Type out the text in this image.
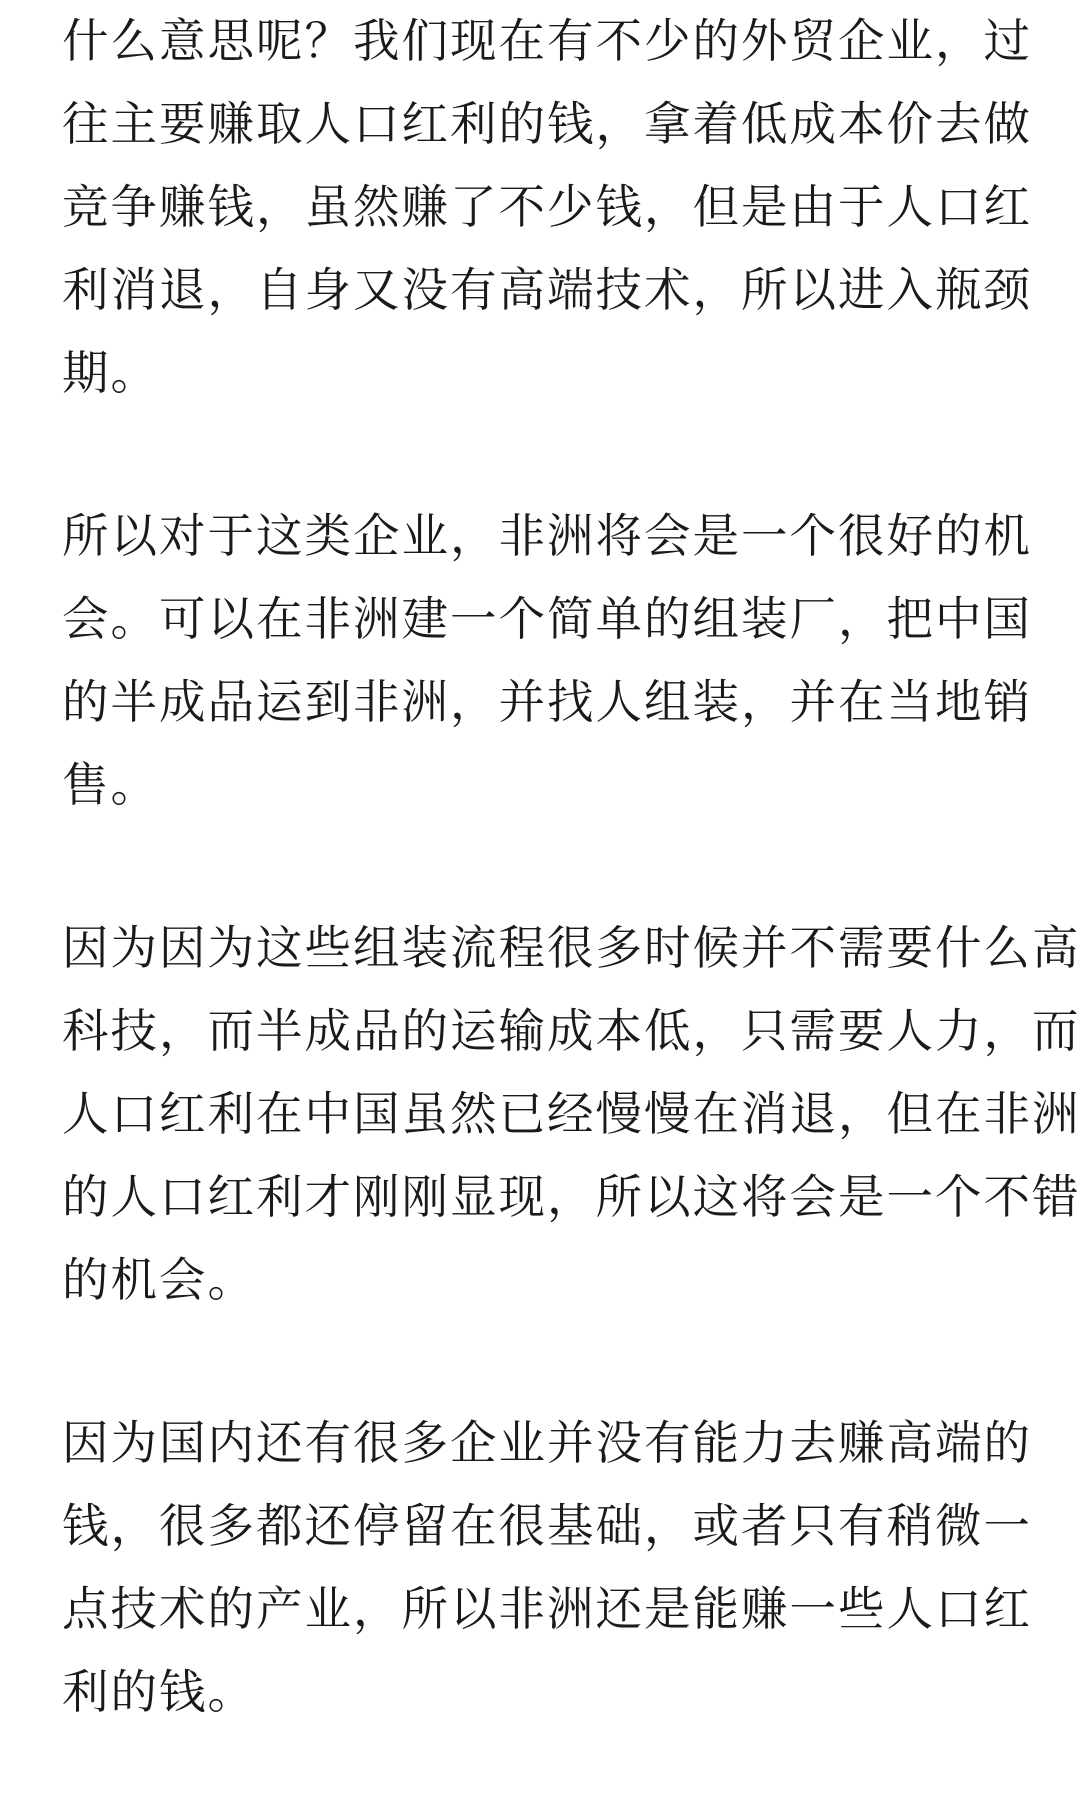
什么意思呢？我们现在有不少的外贸企业，过
往主要赚取人口红利的钱，拿着低成本价去做
竞争赚钱，虽然赚了不少钱，但是由于人口红
利消退，自身又没有高端技术，所以进入瓶颈
期。
所以对于这类企业，非洲将会是一个很好的机
会。可以在非洲建一个简单的组装厂，把中国
的半成品运到非洲，并找人组装，并在当地销
售。
因为因为这些组装流程很多时候并不需要什么高
科技，而半成品的运输成本低，只需要人力，而
人口红利在中国虽然已经慢慢在消退，但在非洲
的人口红利才刚刚显现，所以这将会是一个不错
的机会。
因为国内还有很多企业并没有能力去赚高端的
钱，很多都还停留在很基础，或者只有稍微一
点技术的产业，所以非洲还是能赚一些人口红
利的钱。
